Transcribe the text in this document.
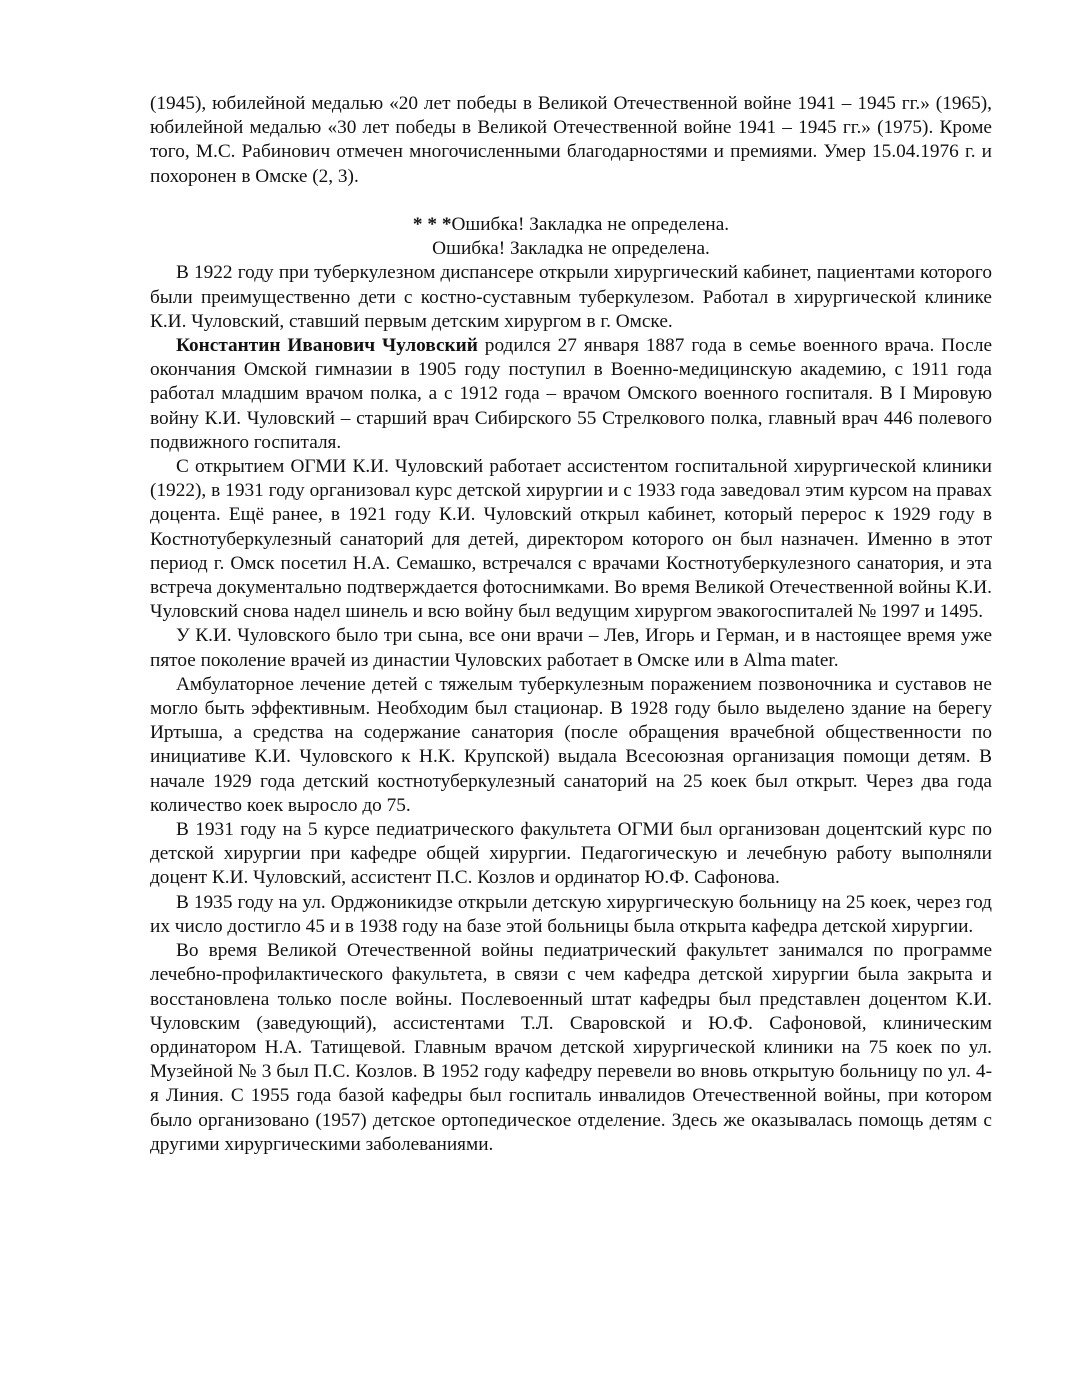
(1945), юбилейной медалью «20 лет победы в Великой Отечественной войне 1941 – 1945 гг.» (1965), юбилейной медалью «30 лет победы в Великой Отечественной войне 1941 – 1945 гг.» (1975). Кроме того, М.С. Рабинович отмечен многочисленными благодарностями и премиями. Умер 15.04.1976 г. и похоронен в Омске (2, 3).

* * *Ошибка! Закладка не определена.

Ошибка! Закладка не определена.

В 1922 году при туберкулезном диспансере открыли хирургический кабинет, пациентами которого были преимущественно дети с костно-суставным туберкулезом. Работал в хирургической клинике К.И. Чуловский, ставший первым детским хирургом в г. Омске.

Константин Иванович Чуловский родился 27 января 1887 года в семье военного врача. После окончания Омской гимназии в 1905 году поступил в Военно-медицинскую академию, с 1911 года работал младшим врачом полка, а с 1912 года – врачом Омского военного госпиталя. В I Мировую войну К.И. Чуловский – старший врач Сибирского 55 Стрелкового полка, главный врач 446 полевого подвижного госпиталя.

С открытием ОГМИ К.И. Чуловский работает ассистентом госпитальной хирургической клиники (1922), в 1931 году организовал курс детской хирургии и с 1933 года заведовал этим курсом на правах доцента. Ещё ранее, в 1921 году К.И. Чуловский открыл кабинет, который перерос к 1929 году в Костнотуберкулезный санаторий для детей, директором которого он был назначен. Именно в этот период г. Омск посетил Н.А. Семашко, встречался с врачами Костнотуберкулезного санатория, и эта встреча документально подтверждается фотоснимками. Во время Великой Отечественной войны К.И. Чуловский снова надел шинель и всю войну был ведущим хирургом эвакогоспиталей № 1997 и 1495.

У К.И. Чуловского было три сына, все они врачи – Лев, Игорь и Герман, и в настоящее время уже пятое поколение врачей из династии Чуловских работает в Омске или в Alma mater.

Амбулаторное лечение детей с тяжелым туберкулезным поражением позвоночника и суставов не могло быть эффективным. Необходим был стационар. В 1928 году было выделено здание на берегу Иртыша, а средства на содержание санатория (после обращения врачебной общественности по инициативе К.И. Чуловского к Н.К. Крупской) выдала Всесоюзная организация помощи детям. В начале 1929 года детский костнотуберкулезный санаторий на 25 коек был открыт. Через два года количество коек выросло до 75.

В 1931 году на 5 курсе педиатрического факультета ОГМИ был организован доцентский курс по детской хирургии при кафедре общей хирургии. Педагогическую и лечебную работу выполняли доцент К.И. Чуловский, ассистент П.С. Козлов и ординатор Ю.Ф. Сафонова.

В 1935 году на ул. Орджоникидзе открыли детскую хирургическую больницу на 25 коек, через год их число достигло 45 и в 1938 году на базе этой больницы была открыта кафедра детской хирургии.

Во время Великой Отечественной войны педиатрический факультет занимался по программе лечебно-профилактического факультета, в связи с чем кафедра детской хирургии была закрыта и восстановлена только после войны. Послевоенный штат кафедры был представлен доцентом К.И. Чуловским (заведующий), ассистентами Т.Л. Сваровской и Ю.Ф. Сафоновой, клиническим ординатором Н.А. Татищевой. Главным врачом детской хирургической клиники на 75 коек по ул. Музейной № 3 был П.С. Козлов. В 1952 году кафедру перевели во вновь открытую больницу по ул. 4-я Линия. С 1955 года базой кафедры был госпиталь инвалидов Отечественной войны, при котором было организовано (1957) детское ортопедическое отделение. Здесь же оказывалась помощь детям с другими хирургическими заболеваниями.
